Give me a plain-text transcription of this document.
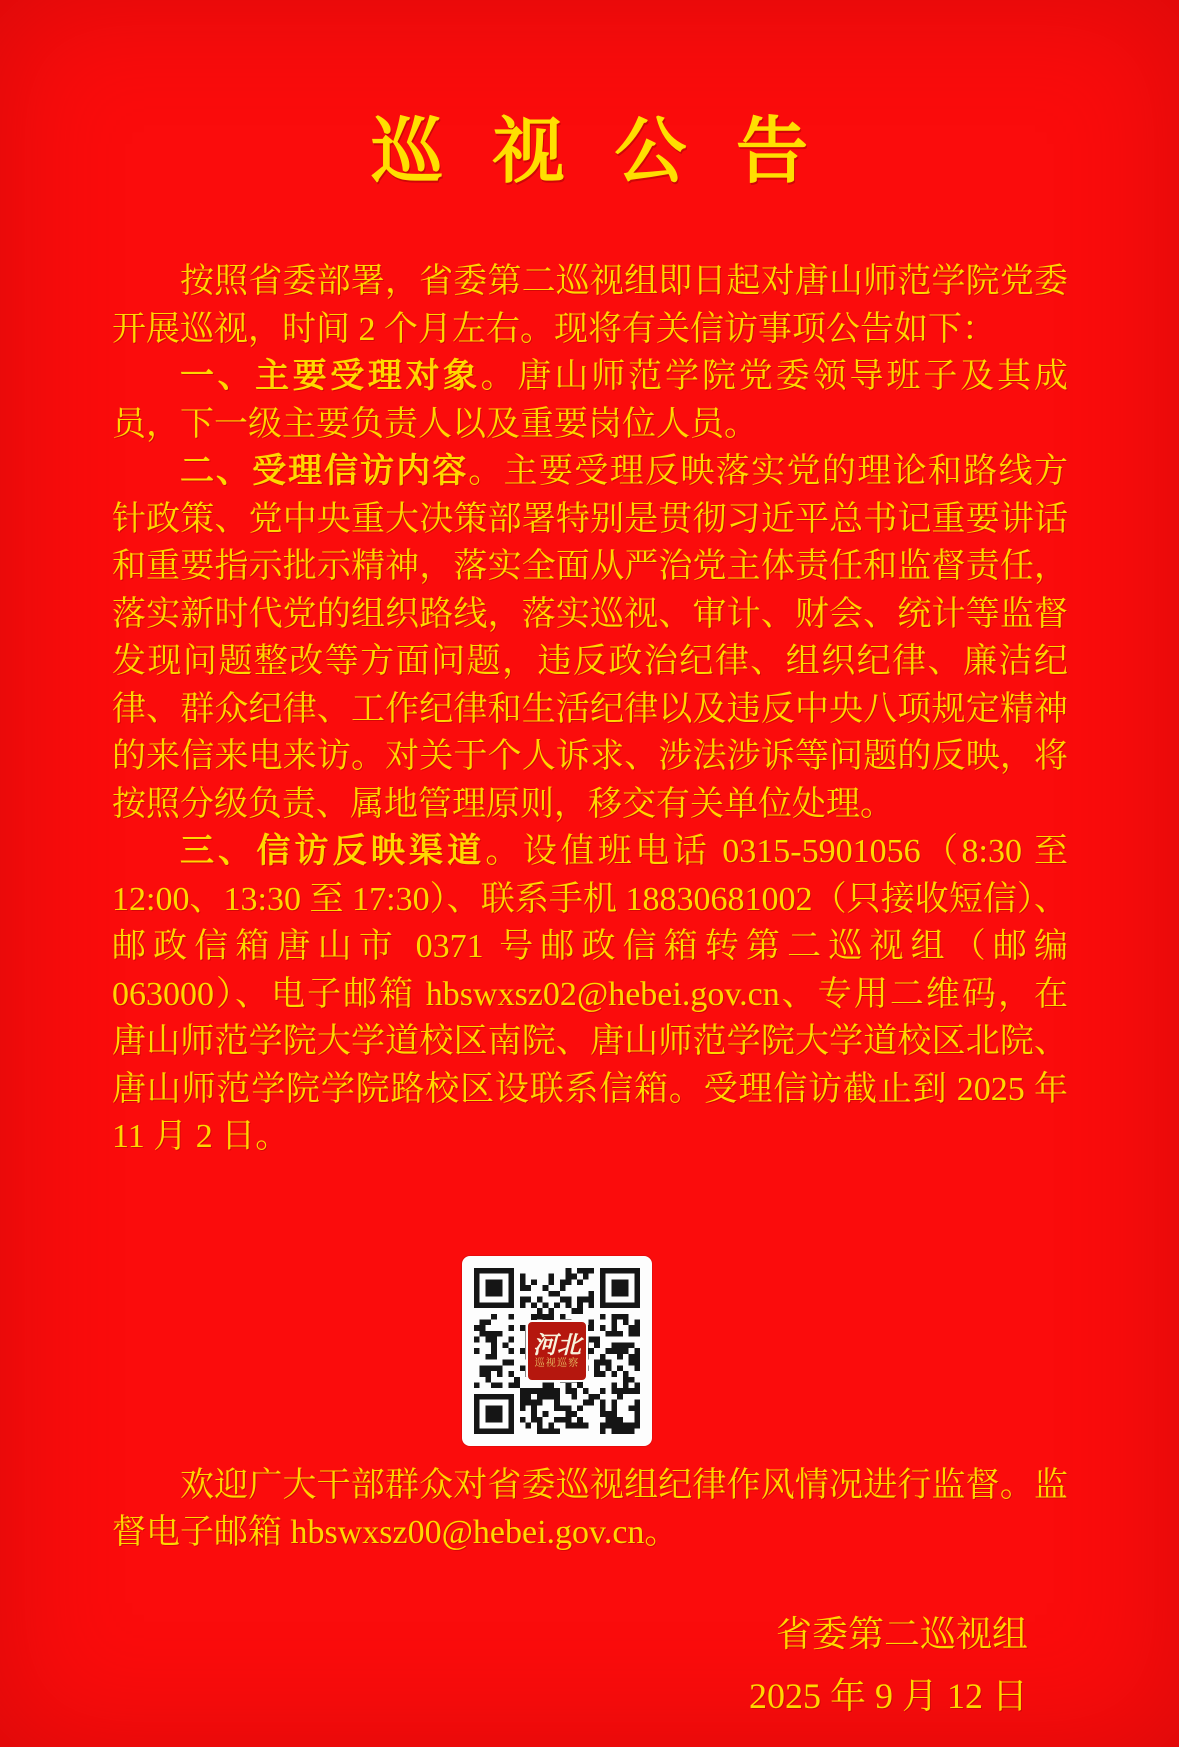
巡 视 公 告

按照省委部署，省委第二巡视组即日起对唐山师范学院党委开展巡视，时间 2 个月左右。现将有关信访事项公告如下：

一、主要受理对象。唐山师范学院党委领导班子及其成员，下一级主要负责人以及重要岗位人员。

二、受理信访内容。主要受理反映落实党的理论和路线方针政策、党中央重大决策部署特别是贯彻习近平总书记重要讲话和重要指示批示精神，落实全面从严治党主体责任和监督责任，落实新时代党的组织路线，落实巡视、审计、财会、统计等监督发现问题整改等方面问题，违反政治纪律、组织纪律、廉洁纪律、群众纪律、工作纪律和生活纪律以及违反中央八项规定精神的来信来电来访。对关于个人诉求、涉法涉诉等问题的反映，将按照分级负责、属地管理原则，移交有关单位处理。

三、信访反映渠道。设值班电话 0315-5901056（8:30 至 12:00、13:30 至 17:30）、联系手机 18830681002（只接收短信）、邮政信箱唐山市 0371 号邮政信箱转第二巡视组（邮编 063000）、电子邮箱 hbswxsz02@hebei.gov.cn、专用二维码，在唐山师范学院大学道校区南院、唐山师范学院大学道校区北院、唐山师范学院学院路校区设联系信箱。受理信访截止到 2025 年 11 月 2 日。

河北
巡视巡察

欢迎广大干部群众对省委巡视组纪律作风情况进行监督。监督电子邮箱 hbswxsz00@hebei.gov.cn。

省委第二巡视组
2025 年 9 月 12 日
